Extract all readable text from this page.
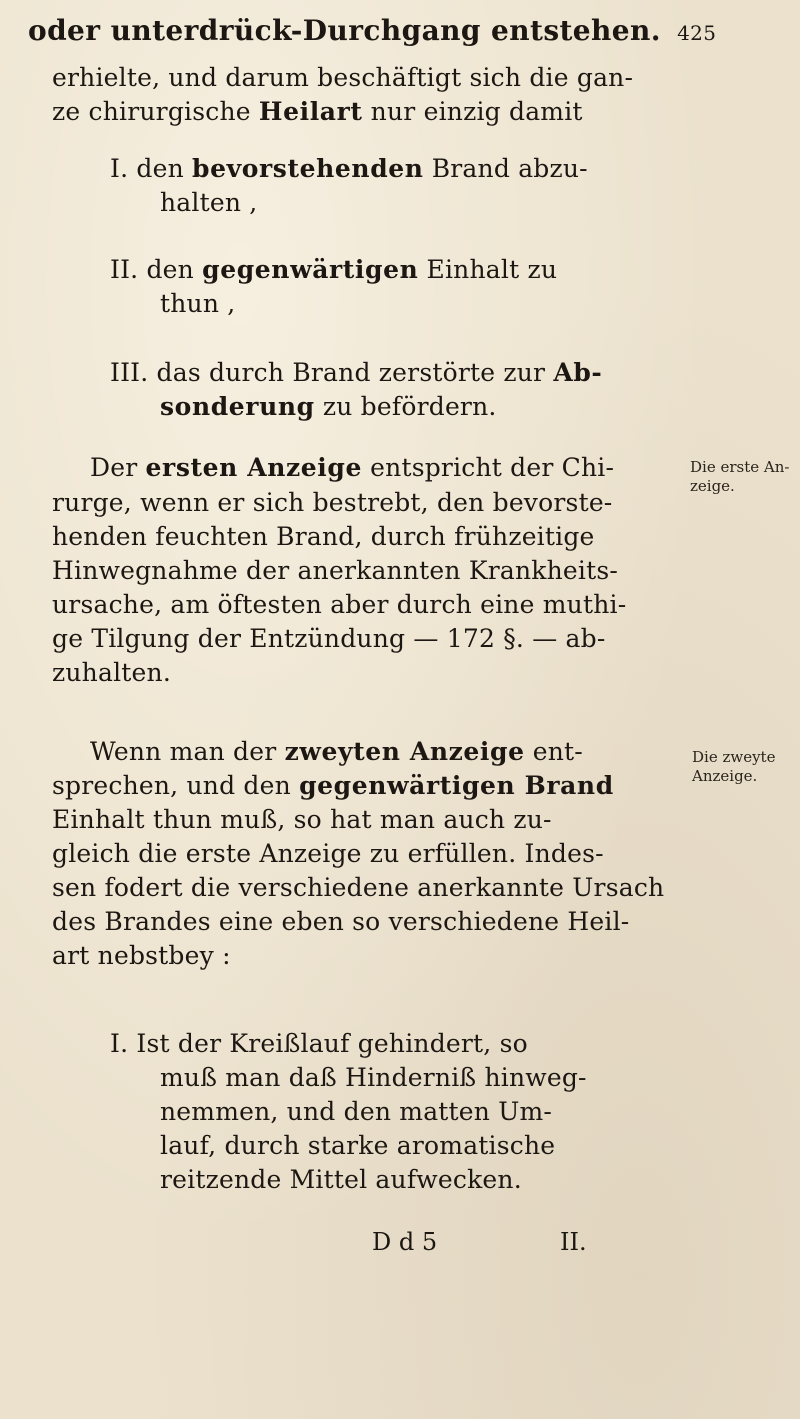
oder unterdrück-Durchgang entstehen. 425
erhielte, und darum beschäftigt sich die gan-
ze chirurgische Heilart nur einzig damit
I. den bevorstehenden Brand abzu-
halten ,
II. den gegenwärtigen Einhalt zu
thun ,
III. das durch Brand zerstörte zur Ab-
sonderung zu befördern.
Der ersten Anzeige entspricht der Chi-
rurge, wenn er sich bestrebt, den bevorste-
henden feuchten Brand, durch frühzeitige
Hinwegnahme der anerkannten Krankheits-
ursache, am öftesten aber durch eine muthi-
ge Tilgung der Entzündung — 172 §. — ab-
zuhalten.
Die erste An-
zeige.
Wenn man der zweyten Anzeige ent-
sprechen, und den gegenwärtigen Brand
Einhalt thun muß, so hat man auch zu-
gleich die erste Anzeige zu erfüllen. Indes-
sen fodert die verschiedene anerkannte Ursach
des Brandes eine eben so verschiedene Heil-
art nebstbey :
Die zweyte
Anzeige.
I. Ist der Kreißlauf gehindert, so
muß man daß Hinderniß hinweg-
nemmen, und den matten Um-
lauf, durch starke aromatische
reitzende Mittel aufwecken.
D d 5	II.
